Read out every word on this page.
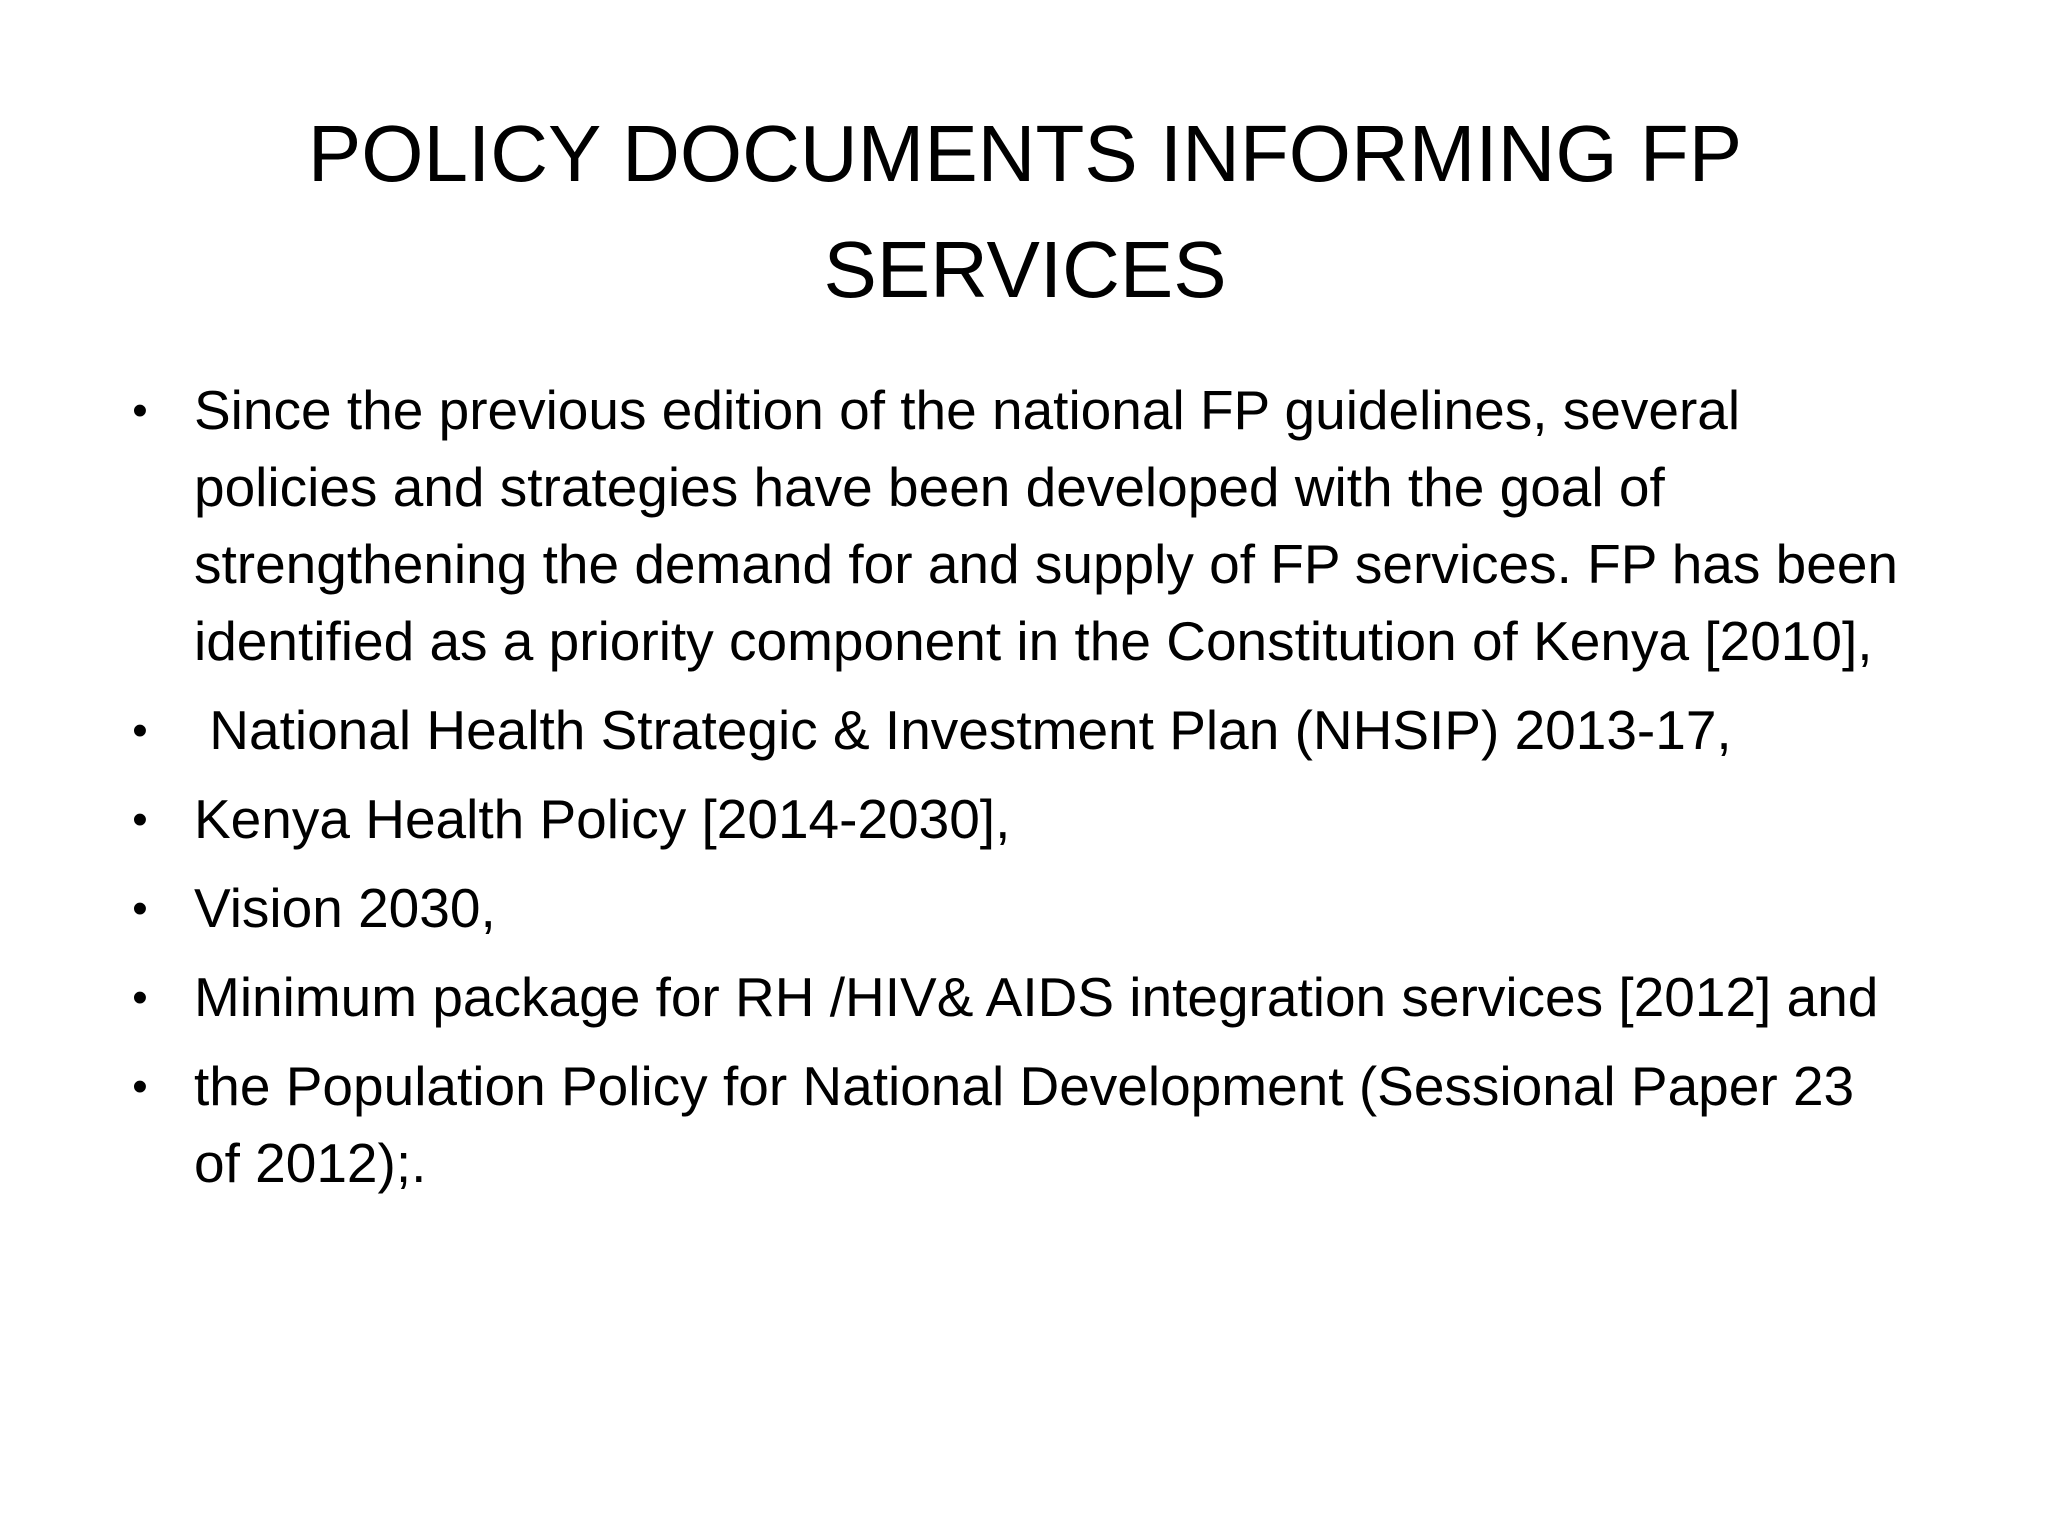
POLICY DOCUMENTS INFORMING FP
SERVICES
• Since the previous edition of the national FP guidelines, several policies and strategies have been developed with the goal of strengthening the demand for and supply of FP services. FP has been identified as a priority component in the Constitution of Kenya [2010],
• National Health Strategic & Investment Plan (NHSIP) 2013-17,
• Kenya Health Policy [2014-2030],
• Vision 2030,
• Minimum package for RH /HIV& AIDS integration services [2012] and
• the Population Policy for National Development (Sessional Paper 23 of 2012);.
